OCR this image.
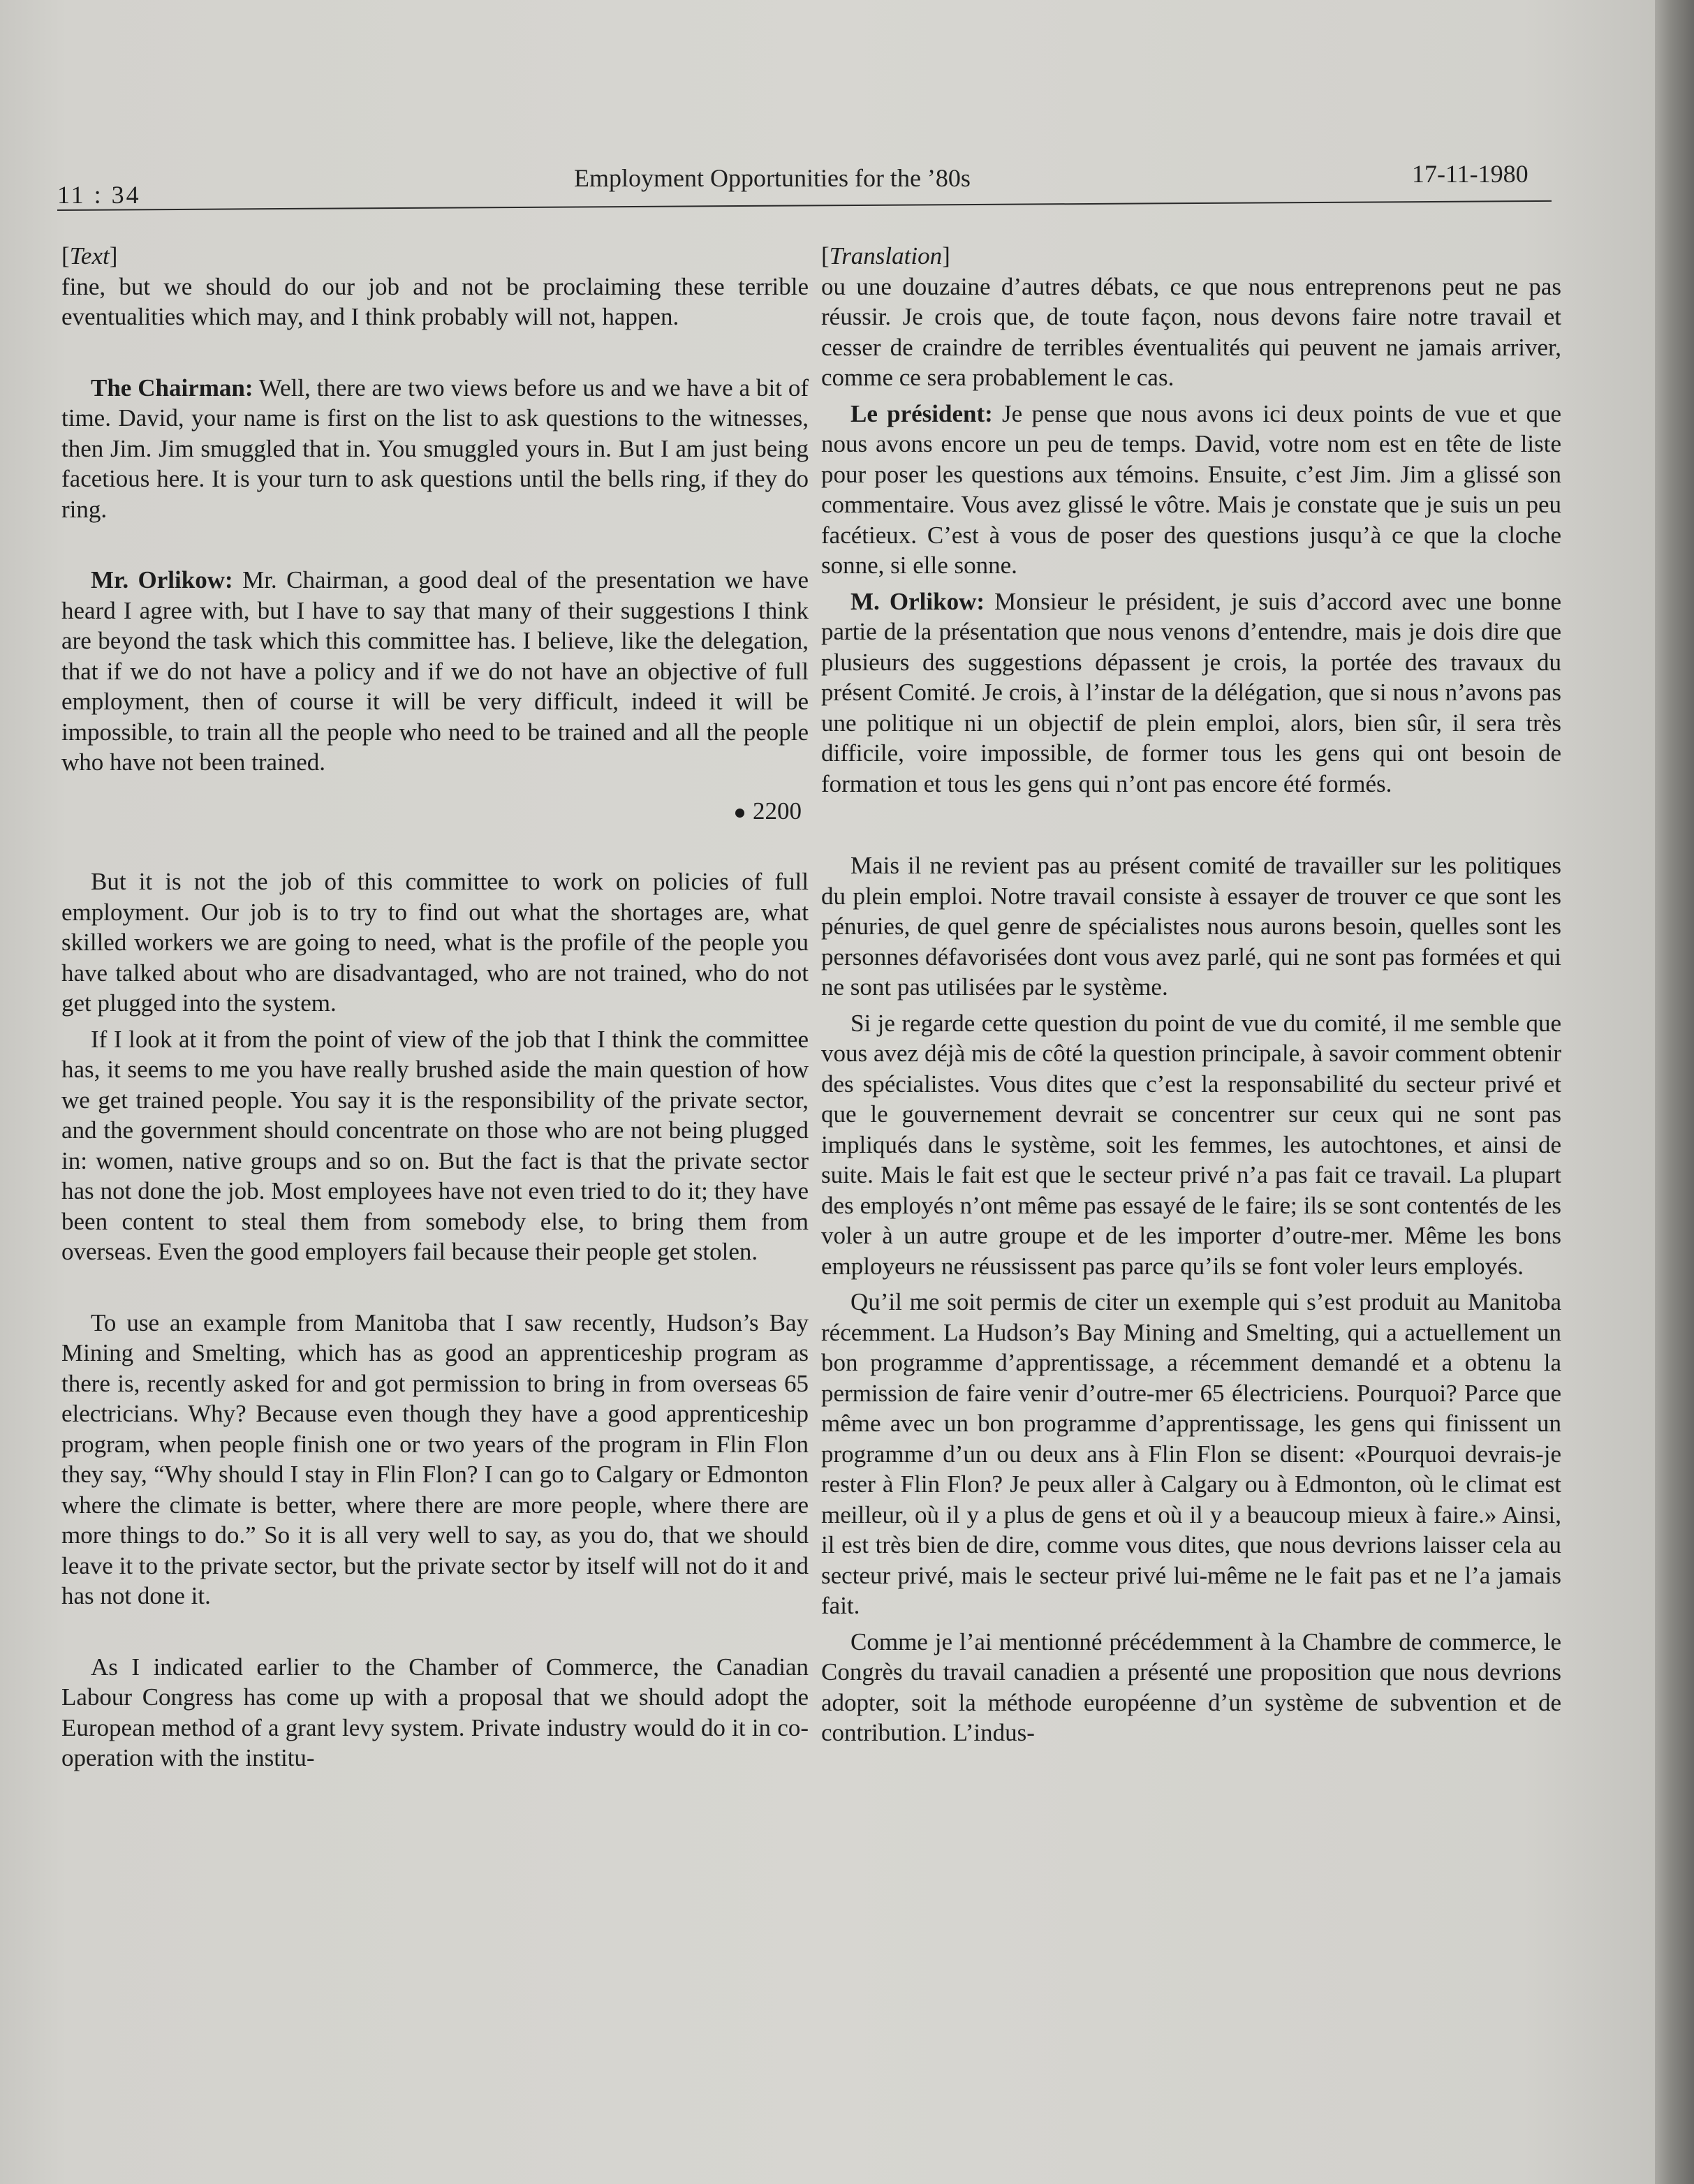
11 : 34
Employment Opportunities for the ’80s	17-11-1980

[Text]

fine, but we should do our job and not be proclaiming these terrible eventualities which may, and I think probably will not, happen.

The Chairman: Well, there are two views before us and we have a bit of time. David, your name is first on the list to ask questions to the witnesses, then Jim. Jim smuggled that in. You smuggled yours in. But I am just being facetious here. It is your turn to ask questions until the bells ring, if they do ring.

Mr. Orlikow: Mr. Chairman, a good deal of the presentation we have heard I agree with, but I have to say that many of their suggestions I think are beyond the task which this committee has. I believe, like the delegation, that if we do not have a policy and if we do not have an objective of full employment, then of course it will be very difficult, indeed it will be impossible, to train all the people who need to be trained and all the people who have not been trained.

2200

But it is not the job of this committee to work on policies of full employment. Our job is to try to find out what the shortages are, what skilled workers we are going to need, what is the profile of the people you have talked about who are disadvantaged, who are not trained, who do not get plugged into the system.

If I look at it from the point of view of the job that I think the committee has, it seems to me you have really brushed aside the main question of how we get trained people. You say it is the responsibility of the private sector, and the government should concentrate on those who are not being plugged in: women, native groups and so on. But the fact is that the private sector has not done the job. Most employees have not even tried to do it; they have been content to steal them from somebody else, to bring them from overseas. Even the good employers fail because their people get stolen.

To use an example from Manitoba that I saw recently, Hudson’s Bay Mining and Smelting, which has as good an apprenticeship program as there is, recently asked for and got permission to bring in from overseas 65 electricians. Why? Because even though they have a good apprenticeship program, when people finish one or two years of the program in Flin Flon they say, “Why should I stay in Flin Flon? I can go to Calgary or Edmonton where the climate is better, where there are more people, where there are more things to do.” So it is all very well to say, as you do, that we should leave it to the private sector, but the private sector by itself will not do it and has not done it.

As I indicated earlier to the Chamber of Commerce, the Canadian Labour Congress has come up with a proposal that we should adopt the European method of a grant levy system. Private industry would do it in co-operation with the institu-

[Translation]

ou une douzaine d’autres débats, ce que nous entreprenons peut ne pas réussir. Je crois que, de toute façon, nous devons faire notre travail et cesser de craindre de terribles éventualités qui peuvent ne jamais arriver, comme ce sera probablement le cas.

Le président: Je pense que nous avons ici deux points de vue et que nous avons encore un peu de temps. David, votre nom est en tête de liste pour poser les questions aux témoins. Ensuite, c’est Jim. Jim a glissé son commentaire. Vous avez glissé le vôtre. Mais je constate que je suis un peu facétieux. C’est à vous de poser des questions jusqu’à ce que la cloche sonne, si elle sonne.

M. Orlikow: Monsieur le président, je suis d’accord avec une bonne partie de la présentation que nous venons d’entendre, mais je dois dire que plusieurs des suggestions dépassent je crois, la portée des travaux du présent Comité. Je crois, à l’instar de la délégation, que si nous n’avons pas une politique ni un objectif de plein emploi, alors, bien sûr, il sera très difficile, voire impossible, de former tous les gens qui ont besoin de formation et tous les gens qui n’ont pas encore été formés.

Mais il ne revient pas au présent comité de travailler sur les politiques du plein emploi. Notre travail consiste à essayer de trouver ce que sont les pénuries, de quel genre de spécialistes nous aurons besoin, quelles sont les personnes défavorisées dont vous avez parlé, qui ne sont pas formées et qui ne sont pas utilisées par le système.

Si je regarde cette question du point de vue du comité, il me semble que vous avez déjà mis de côté la question principale, à savoir comment obtenir des spécialistes. Vous dites que c’est la responsabilité du secteur privé et que le gouvernement devrait se concentrer sur ceux qui ne sont pas impliqués dans le système, soit les femmes, les autochtones, et ainsi de suite. Mais le fait est que le secteur privé n’a pas fait ce travail. La plupart des employés n’ont même pas essayé de le faire; ils se sont contentés de les voler à un autre groupe et de les importer d’outre-mer. Même les bons employeurs ne réussissent pas parce qu’ils se font voler leurs employés.

Qu’il me soit permis de citer un exemple qui s’est produit au Manitoba récemment. La Hudson’s Bay Mining and Smelting, qui a actuellement un bon programme d’apprentissage, a récemment demandé et a obtenu la permission de faire venir d’outre-mer 65 électriciens. Pourquoi? Parce que même avec un bon programme d’apprentissage, les gens qui finissent un programme d’un ou deux ans à Flin Flon se disent: «Pourquoi devrais-je rester à Flin Flon? Je peux aller à Calgary ou à Edmonton, où le climat est meilleur, où il y a plus de gens et où il y a beaucoup mieux à faire.» Ainsi, il est très bien de dire, comme vous dites, que nous devrions laisser cela au secteur privé, mais le secteur privé lui-même ne le fait pas et ne l’a jamais fait.

Comme je l’ai mentionné précédemment à la Chambre de commerce, le Congrès du travail canadien a présenté une proposition que nous devrions adopter, soit la méthode européenne d’un système de subvention et de contribution. L’indus-
